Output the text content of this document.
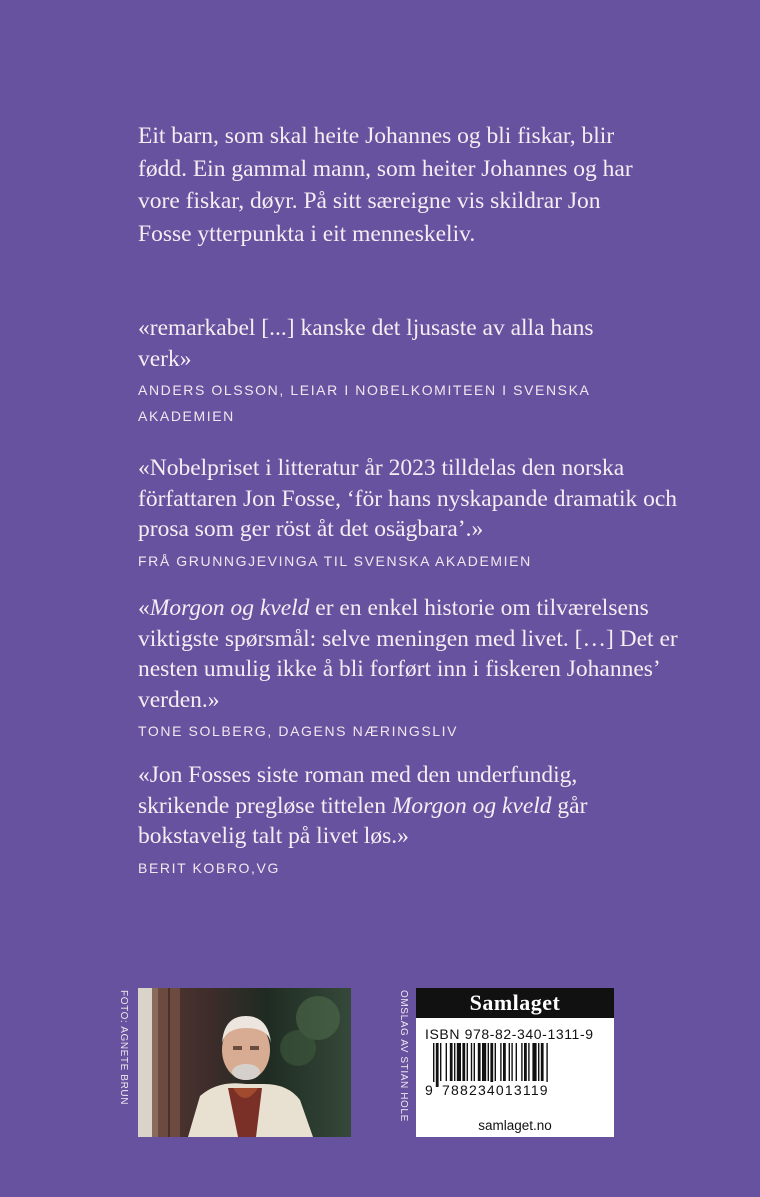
Eit barn, som skal heite Johannes og bli fiskar, blir fødd. Ein gammal mann, som heiter Johannes og har vore fiskar, døyr. På sitt særeigne vis skildrar Jon Fosse ytterpunkta i eit menneskeliv.

«remarkabel [...] kanske det ljusaste av alla hans verk»

ANDERS OLSSON, LEIAR I NOBELKOMITEEN I SVENSKA AKADEMIEN

«Nobelpriset i litteratur år 2023 tilldelas den norska författaren Jon Fosse, ‘för hans nyskapande dramatik och prosa som ger röst åt det osägbara’.»

FRÅ GRUNNGJEVINGA TIL SVENSKA AKADEMIEN

«Morgon og kveld er en enkel historie om tilværelsens viktigste spørsmål: selve meningen med livet. […] Det er nesten umulig ikke å bli forført inn i fiskeren Johannes’ verden.»

TONE SOLBERG, DAGENS NÆRINGSLIV

«Jon Fosses siste roman med den underfundig, skrikende pregløse tittelen Morgon og kveld går bokstavelig talt på livet løs.»

BERIT KOBRO,VG
FOTO: AGNETE BRUN	OMSLAG AV STIAN HOLE	Samlaget
ISBN 978-82-340-1311-9
9 788234013119
samlaget.no
